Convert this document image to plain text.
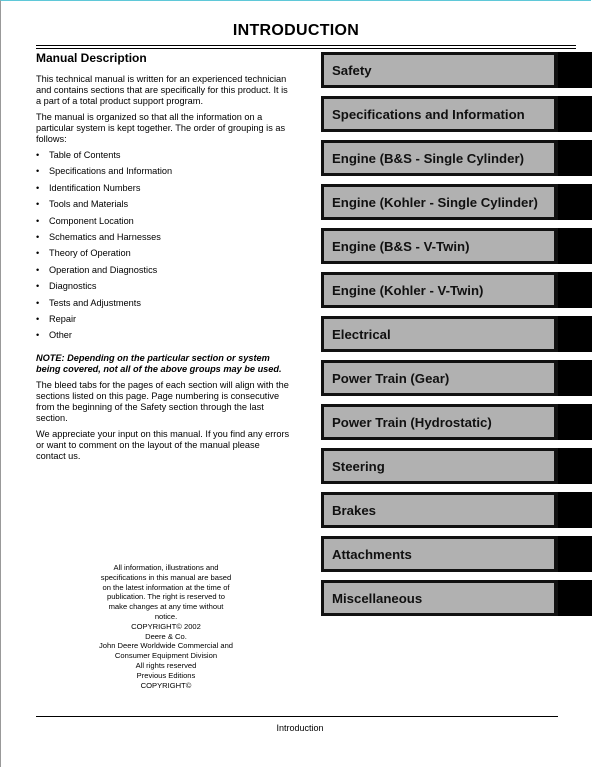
INTRODUCTION
Manual Description

This technical manual is written for an experienced technician and contains sections that are specifically for this product. It is a part of a total product support program.

The manual is organized so that all the information on a particular system is kept together. The order of grouping is as follows:

• Table of Contents
• Specifications and Information
• Identification Numbers
• Tools and Materials
• Component Location
• Schematics and Harnesses
• Theory of Operation
• Operation and Diagnostics
• Diagnostics
• Tests and Adjustments
• Repair
• Other

NOTE: Depending on the particular section or system being covered, not all of the above groups may be used.

The bleed tabs for the pages of each section will align with the sections listed on this page. Page numbering is consecutive from the beginning of the Safety section through the last section.

We appreciate your input on this manual. If you find any errors or want to comment on the layout of the manual please contact us.

All information, illustrations and
specifications in this manual are based
on the latest information at the time of
publication. The right is reserved to
make changes at any time without
notice.
COPYRIGHT© 2002
Deere & Co.
John Deere Worldwide Commercial and
Consumer Equipment Division
All rights reserved
Previous Editions
COPYRIGHT©
Safety
Specifications and Information
Engine (B&S - Single Cylinder)
Engine (Kohler - Single Cylinder)
Engine (B&S - V-Twin)
Engine (Kohler - V-Twin)
Electrical
Power Train (Gear)
Power Train (Hydrostatic)
Steering
Brakes
Attachments
Miscellaneous
Introduction
